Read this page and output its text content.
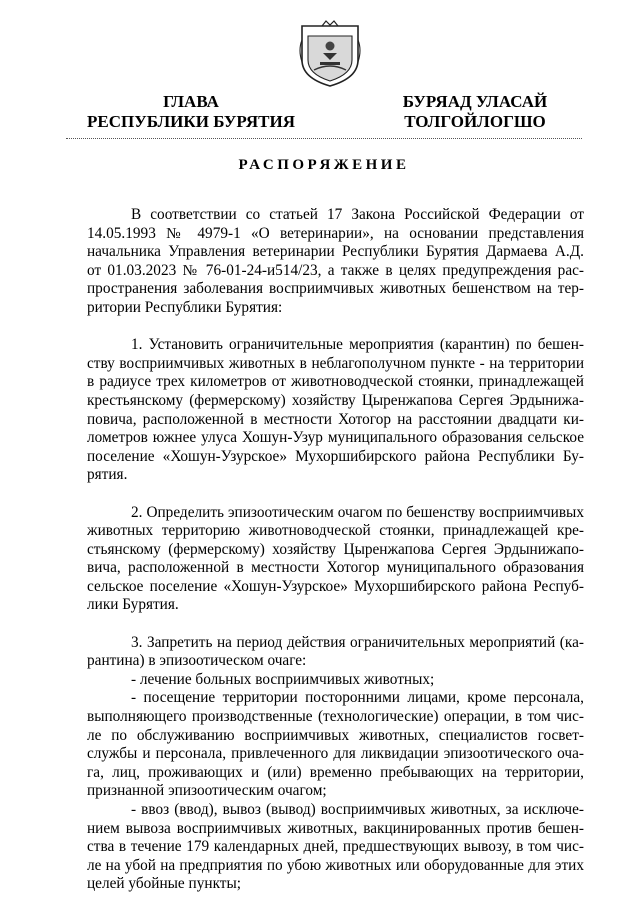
ГЛАВА
РЕСПУБЛИКИ БУРЯТИЯ
БУРЯАД УЛАСАЙ
ТОЛГОЙЛОГШО
РАСПОРЯЖЕНИЕ
В соответствии со статьей 17 Закона Российской Федерации от
14.05.1993 № 4979-1 «О ветеринарии», на основании представления
начальника Управления ветеринарии Республики Бурятия Дармаева А.Д.
от 01.03.2023 № 76-01-24-и514/23, а также в целях предупреждения рас-
пространения заболевания восприимчивых животных бешенством на тер-
ритории Республики Бурятия:
1. Установить ограничительные мероприятия (карантин) по бешен-
ству восприимчивых животных в неблагополучном пункте - на территории
в радиусе трех километров от животноводческой стоянки, принадлежащей
крестьянскому (фермерскому) хозяйству Цыренжапова Сергея Эрдынижа-
повича, расположенной в местности Хотогор на расстоянии двадцати ки-
лометров южнее улуса Хошун-Узур муниципального образования сельское
поселение «Хошун-Узурское» Мухоршибирского района Республики Бу-
рятия.
2. Определить эпизоотическим очагом по бешенству восприимчивых
животных территорию животноводческой стоянки, принадлежащей кре-
стьянскому (фермерскому) хозяйству Цыренжапова Сергея Эрдынижапо-
вича, расположенной в местности Хотогор муниципального образования
сельское поселение «Хошун-Узурское» Мухоршибирского района Респуб-
лики Бурятия.
3. Запретить на период действия ограничительных мероприятий (ка-
рантина) в эпизоотическом очаге:
- лечение больных восприимчивых животных;
- посещение территории посторонними лицами, кроме персонала,
выполняющего производственные (технологические) операции, в том чис-
ле по обслуживанию восприимчивых животных, специалистов госвет-
службы и персонала, привлеченного для ликвидации эпизоотического оча-
га, лиц, проживающих и (или) временно пребывающих на территории,
признанной эпизоотическим очагом;
- ввоз (ввод), вывоз (вывод) восприимчивых животных, за исключе-
нием вывоза восприимчивых животных, вакцинированных против бешен-
ства в течение 179 календарных дней, предшествующих вывозу, в том чис-
ле на убой на предприятия по убою животных или оборудованные для этих
целей убойные пункты;
